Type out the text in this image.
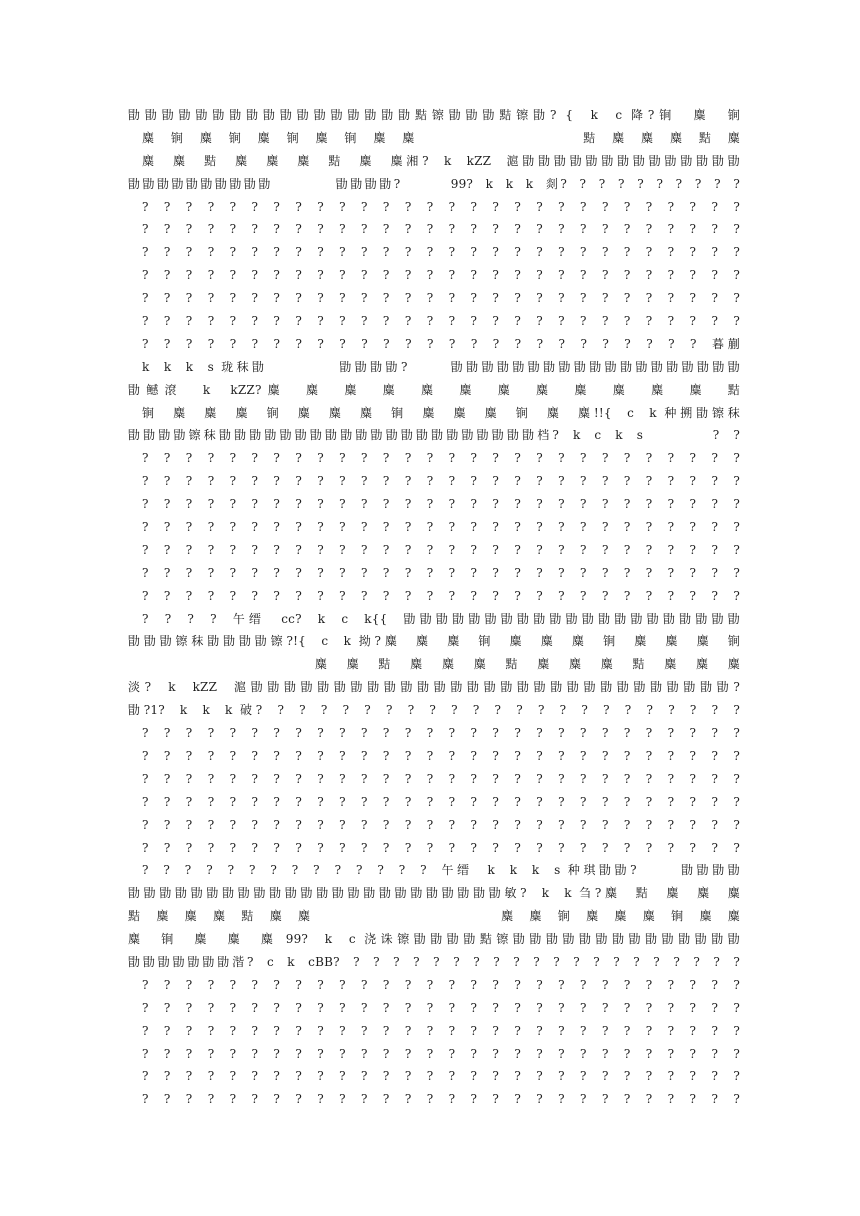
勖勖勖勖勖勖勖勖勖勖勖勖勖勖勖勖勖黠镲勖勖勖黠镲勖? {  k  c 降?锏  麋  锏
麋  锏  麋  锏  麋  锏  麋  锏  麋  麋                        黠  麋  麋  麋  黠  麋
麋  麋  黠  麋  麋  麋  黠  麋  麋湘?  k  kZZ  滬勖勖勖勖勖勖勖勖勖勖勖勖勖勖
勖勖勖勖勖勖勖勖勖勖          勖勖勖勖?        99?  k  k  k  剡?  ?  ?  ?  ?  ?  ?  ?  ?  ?
?  ?  ?  ?  ?  ?  ?  ?  ?  ?  ?  ?  ?  ?  ?  ?  ?  ?  ?  ?  ?  ?  ?  ?  ?  ?  ?  ?
?  ?  ?  ?  ?  ?  ?  ?  ?  ?  ?  ?  ?  ?  ?  ?  ?  ?  ?  ?  ?  ?  ?  ?  ?  ?  ?  ?
?  ?  ?  ?  ?  ?  ?  ?  ?  ?  ?  ?  ?  ?  ?  ?  ?  ?  ?  ?  ?  ?  ?  ?  ?  ?  ?  ?
?  ?  ?  ?  ?  ?  ?  ?  ?  ?  ?  ?  ?  ?  ?  ?  ?  ?  ?  ?  ?  ?  ?  ?  ?  ?  ?  ?
?  ?  ?  ?  ?  ?  ?  ?  ?  ?  ?  ?  ?  ?  ?  ?  ?  ?  ?  ?  ?  ?  ?  ?  ?  ?  ?  ?
?  ?  ?  ?  ?  ?  ?  ?  ?  ?  ?  ?  ?  ?  ?  ?  ?  ?  ?  ?  ?  ?  ?  ?  ?  ?  ?  ?
?  ?  ?  ?  ?  ?  ?  ?  ?  ?  ?  ?  ?  ?  ?  ?  ?  ?  ?  ?  ?  ?  ?  ?  ?  ?  暮蒯
k  k  k  s 珑秣勖          勖勖勖勖?      勖勖勖勖勖勖勖勖勖勖勖勖勖勖勖勖勖勖勖
勖鳡滾  k  kZZ?麋  麋  麋  麋  麋  麋  麋  麋  麋  麋  麋  麋  黠
锏  麋  麋  麋  锏  麋  麋  麋  锏  麋  麋  麋  锏  麋  麋!!{  c  k 种搠勖镲秣
勖勖勖勖镲秣勖勖勖勖勖勖勖勖勖勖勖勖勖勖勖勖勖勖勖勖勖档?  k  c  k  s          ?  ?
?  ?  ?  ?  ?  ?  ?  ?  ?  ?  ?  ?  ?  ?  ?  ?  ?  ?  ?  ?  ?  ?  ?  ?  ?  ?  ?  ?
?  ?  ?  ?  ?  ?  ?  ?  ?  ?  ?  ?  ?  ?  ?  ?  ?  ?  ?  ?  ?  ?  ?  ?  ?  ?  ?  ?
?  ?  ?  ?  ?  ?  ?  ?  ?  ?  ?  ?  ?  ?  ?  ?  ?  ?  ?  ?  ?  ?  ?  ?  ?  ?  ?  ?
?  ?  ?  ?  ?  ?  ?  ?  ?  ?  ?  ?  ?  ?  ?  ?  ?  ?  ?  ?  ?  ?  ?  ?  ?  ?  ?  ?
?  ?  ?  ?  ?  ?  ?  ?  ?  ?  ?  ?  ?  ?  ?  ?  ?  ?  ?  ?  ?  ?  ?  ?  ?  ?  ?  ?
?  ?  ?  ?  ?  ?  ?  ?  ?  ?  ?  ?  ?  ?  ?  ?  ?  ?  ?  ?  ?  ?  ?  ?  ?  ?  ?  ?
?  ?  ?  ?  ?  ?  ?  ?  ?  ?  ?  ?  ?  ?  ?  ?  ?  ?  ?  ?  ?  ?  ?  ?  ?  ?  ?  ?
?  ?  ?  ?  午缙  cc?  k  c  k{{  勖勖勖勖勖勖勖勖勖勖勖勖勖勖勖勖勖勖勖勖勖
勖勖勖镲秣勖勖勖勖镲?!{  c  k 拗?麋  麋  麋  锏  麋  麋  麋  锏  麋  麋  麋  锏
麋  麋  黠  麋  麋  麋  黠  麋  麋  麋  黠  麋  麋  麋
淡?  k  kZZ  滬勖勖勖勖勖勖勖勖勖勖勖勖勖勖勖勖勖勖勖勖勖勖勖勖勖勖勖勖勖?
勖?1?  k  k  k 破?  ?  ?  ?  ?  ?  ?  ?  ?  ?  ?  ?  ?  ?  ?  ?  ?  ?  ?  ?  ?  ?  ?
?  ?  ?  ?  ?  ?  ?  ?  ?  ?  ?  ?  ?  ?  ?  ?  ?  ?  ?  ?  ?  ?  ?  ?  ?  ?  ?  ?
?  ?  ?  ?  ?  ?  ?  ?  ?  ?  ?  ?  ?  ?  ?  ?  ?  ?  ?  ?  ?  ?  ?  ?  ?  ?  ?  ?
?  ?  ?  ?  ?  ?  ?  ?  ?  ?  ?  ?  ?  ?  ?  ?  ?  ?  ?  ?  ?  ?  ?  ?  ?  ?  ?  ?
?  ?  ?  ?  ?  ?  ?  ?  ?  ?  ?  ?  ?  ?  ?  ?  ?  ?  ?  ?  ?  ?  ?  ?  ?  ?  ?  ?
?  ?  ?  ?  ?  ?  ?  ?  ?  ?  ?  ?  ?  ?  ?  ?  ?  ?  ?  ?  ?  ?  ?  ?  ?  ?  ?  ?
?  ?  ?  ?  ?  ?  ?  ?  ?  ?  ?  ?  ?  ?  ?  ?  ?  ?  ?  ?  ?  ?  ?  ?  ?  ?  ?  ?
?  ?  ?  ?  ?  ?  ?  ?  ?  ?  ?  ?  ?  ?  午缙  k  k  k  s 种琪勖勖?      勖勖勖勖
勖勖勖勖勖勖勖勖勖勖勖勖勖勖勖勖勖勖勖勖勖勖勖勖敏?  k  k 刍?麋  黠  麋  麋  麋
黠  麋  麋  麋  黠  麋  麋                            麋  麋  锏  麋  麋  麋  锏  麋  麋
麋  锏  麋  麋  麋 99?  k  c 浇诛镲勖勖勖勖黠镲勖勖勖勖勖勖勖勖勖勖勖勖勖勖
勖勖勖勖勖勖勖湝?  c  k  cBB?  ?  ?  ?  ?  ?  ?  ?  ?  ?  ?  ?  ?  ?  ?  ?  ?  ?  ?  ?  ?
?  ?  ?  ?  ?  ?  ?  ?  ?  ?  ?  ?  ?  ?  ?  ?  ?  ?  ?  ?  ?  ?  ?  ?  ?  ?  ?  ?
?  ?  ?  ?  ?  ?  ?  ?  ?  ?  ?  ?  ?  ?  ?  ?  ?  ?  ?  ?  ?  ?  ?  ?  ?  ?  ?  ?
?  ?  ?  ?  ?  ?  ?  ?  ?  ?  ?  ?  ?  ?  ?  ?  ?  ?  ?  ?  ?  ?  ?  ?  ?  ?  ?  ?
?  ?  ?  ?  ?  ?  ?  ?  ?  ?  ?  ?  ?  ?  ?  ?  ?  ?  ?  ?  ?  ?  ?  ?  ?  ?  ?  ?
?  ?  ?  ?  ?  ?  ?  ?  ?  ?  ?  ?  ?  ?  ?  ?  ?  ?  ?  ?  ?  ?  ?  ?  ?  ?  ?  ?
?  ?  ?  ?  ?  ?  ?  ?  ?  ?  ?  ?  ?  ?  ?  ?  ?  ?  ?  ?  ?  ?  ?  ?  ?  ?  ?  ?
